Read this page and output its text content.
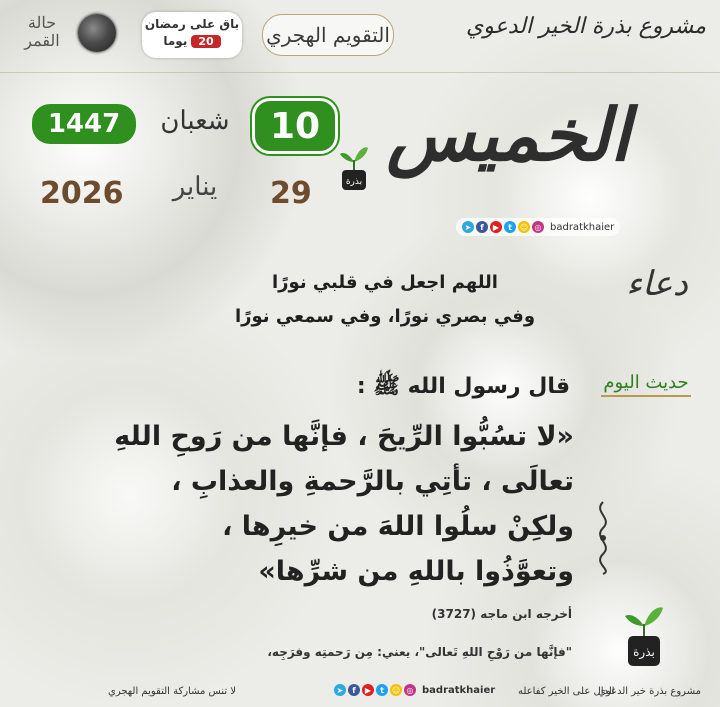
مشروع بذرة الخير الدعوي
التقويم الهجري
باق على رمضان
20
يوما
حالة القمر
الخميس
10
شعبان
1447
29
يناير
2026	بذرة
➤	f	▶	t ☺ ◎ badratkhaier
دعاء
اللهم اجعل في قلبي نورًا
وفي بصري نورًا، وفي سمعي نورًا
حديث اليوم
قال رسول الله ﷺ :
«لا تسُبُّوا الرِّيحَ ، فإنَّها من رَوحِ اللهِ
تعالَى ، تأتِي بالرَّحمةِ والعذابِ ،
ولكِنْ سلُوا اللهَ من خيرِها ،
وتعوَّذُوا باللهِ من شرِّها»
أخرجه ابن ماجه (3727)
"فإنَّها من رَوْحِ اللهِ تَعالى"، يعني: مِن رَحمتِه وفرَجِه،	بذرة
مشروع بذرة خير الدعوي
الدال على الخير كفاعله
➤	f	▶	t ☺ ◎ badratkhaier
لا تنس مشاركة التقويم الهجري
